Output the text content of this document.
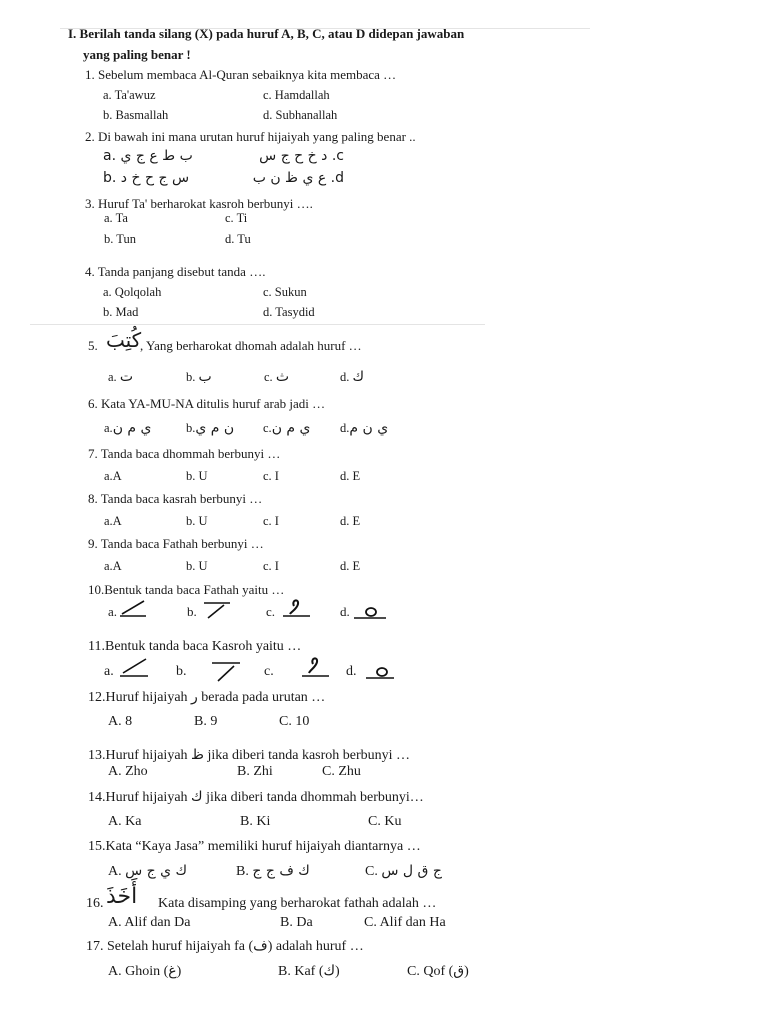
I. Berilah tanda silang (X) pada huruf A, B, C, atau D didepan jawaban
yang paling benar !
1. Sebelum membaca Al-Quran sebaiknya kita membaca …
a. Ta'awuz	c. Hamdallah
b. Basmallah	d. Subhanallah
2. Di bawah ini mana urutan huruf hijaiyah yang paling benar ..
a. ب ط ع ج ي	c. د خ ح ج س
b. س ج ح خ د	d. ع ي ظ ن ب
3. Huruf Ta' berharokat kasroh berbunyi ….
a. Ta	c. Ti
b. Tun	d. Tu
4. Tanda panjang disebut tanda ….
a. Qolqolah	c. Sukun
b. Mad	d. Tasydid
5. كُتِبَ
, Yang berharokat dhomah adalah huruf …
a. ت	b. ب	c. ث	d. ك
6. Kata YA-MU-NA ditulis huruf arab jadi …
a.ي م ن	b.ن م ي c.ي م ن d.ي ن م
7. Tanda baca dhommah berbunyi …
a.A	b. U	c. I	d. E
8. Tanda baca kasrah berbunyi …
a.A	b. U	c. I	d. E
9. Tanda baca Fathah berbunyi …
a.A	b. U	c. I	d. E
10.Bentuk tanda baca Fathah yaitu …
a.	b.	c.	d.
11.Bentuk tanda baca Kasroh yaitu …
a.	b.	c.	d.
12.Huruf hijaiyah ر berada pada urutan …
A. 8	B. 9	C. 10
13.Huruf hijaiyah ظ jika diberi tanda kasroh berbunyi …
A. Zho	B. Zhi	C. Zhu
14.Huruf hijaiyah ك jika diberi tanda dhommah berbunyi…
A. Ka	B. Ki	C. Ku
15.Kata “Kaya Jasa” memiliki huruf hijaiyah diantarnya …
A. ك ي ج س	B. ك ف ج ج	C. ج ق ل س
16. أَخَذَ Kata disamping yang berharokat fathah adalah …
A. Alif dan Da	B. Da	C. Alif dan Ha
17. Setelah huruf hijaiyah fa (ف) adalah huruf …
A. Ghoin (غ)	B. Kaf (ك)	C. Qof (ق)
